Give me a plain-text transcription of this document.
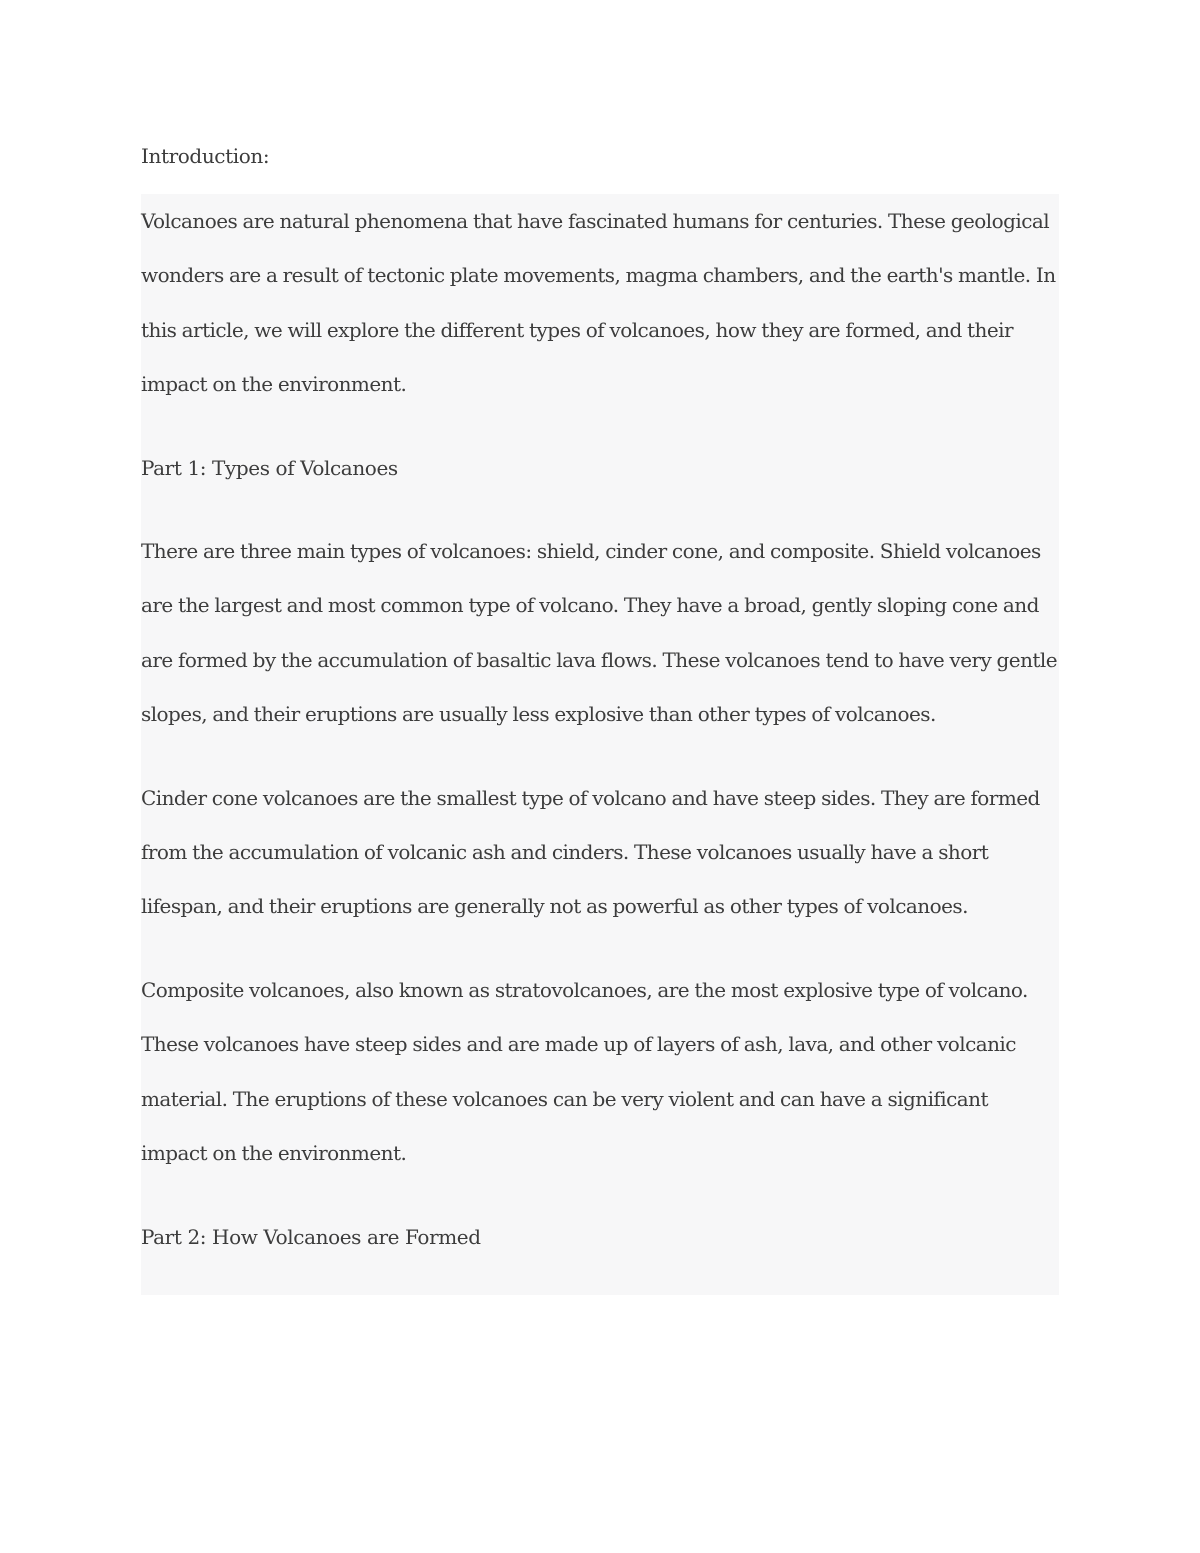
Introduction:

Volcanoes are natural phenomena that have fascinated humans for centuries. These geological wonders are a result of tectonic plate movements, magma chambers, and the earth's mantle. In this article, we will explore the different types of volcanoes, how they are formed, and their impact on the environment.

Part 1: Types of Volcanoes

There are three main types of volcanoes: shield, cinder cone, and composite. Shield volcanoes are the largest and most common type of volcano. They have a broad, gently sloping cone and are formed by the accumulation of basaltic lava flows. These volcanoes tend to have very gentle slopes, and their eruptions are usually less explosive than other types of volcanoes.

Cinder cone volcanoes are the smallest type of volcano and have steep sides. They are formed from the accumulation of volcanic ash and cinders. These volcanoes usually have a short lifespan, and their eruptions are generally not as powerful as other types of volcanoes.

Composite volcanoes, also known as stratovolcanoes, are the most explosive type of volcano. These volcanoes have steep sides and are made up of layers of ash, lava, and other volcanic material. The eruptions of these volcanoes can be very violent and can have a significant impact on the environment.

Part 2: How Volcanoes are Formed
